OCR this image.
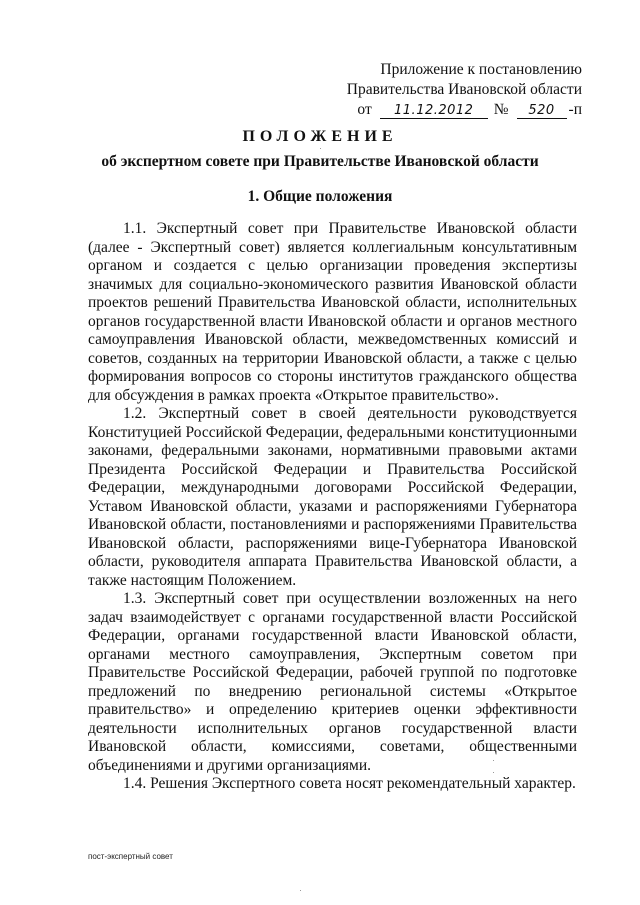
Приложение к постановлению
Правительства Ивановской области
от	11.12.2012	№	520 -п
ПОЛОЖЕНИЕ
об экспертном совете при Правительстве Ивановской области
1. Общие положения

1.1. Экспертный совет при Правительстве Ивановской области (далее - Экспертный совет) является коллегиальным консультативным органом и создается с целью организации проведения экспертизы значимых для социально-экономического развития Ивановской области проектов решений Правительства Ивановской области, исполнительных органов государственной власти Ивановской области и органов местного самоуправления Ивановской области, межведомственных комиссий и советов, созданных на территории Ивановской области, а также с целью формирования вопросов со стороны институтов гражданского общества для обсуждения в рамках проекта «Открытое правительство».

1.2. Экспертный совет в своей деятельности руководствуется Конституцией Российской Федерации, федеральными конституционными законами, федеральными законами, нормативными правовыми актами Президента Российской Федерации и Правительства Российской Федерации, международными договорами Российской Федерации, Уставом Ивановской области, указами и распоряжениями Губернатора Ивановской области, постановлениями и распоряжениями Правительства Ивановской области, распоряжениями вице-Губернатора Ивановской области, руководителя аппарата Правительства Ивановской области, а также настоящим Положением.

1.3. Экспертный совет при осуществлении возложенных на него задач взаимодействует с органами государственной власти Российской Федерации, органами государственной власти Ивановской области, органами местного самоуправления, Экспертным советом при Правительстве Российской Федерации, рабочей группой по подготовке предложений по внедрению региональной системы «Открытое правительство» и определению критериев оценки эффективности деятельности исполнительных органов государственной власти Ивановской области, комиссиями, советами, общественными объединениями и другими организациями.

1.4. Решения Экспертного совета носят рекомендательный характер.

пост-экспертный совет
